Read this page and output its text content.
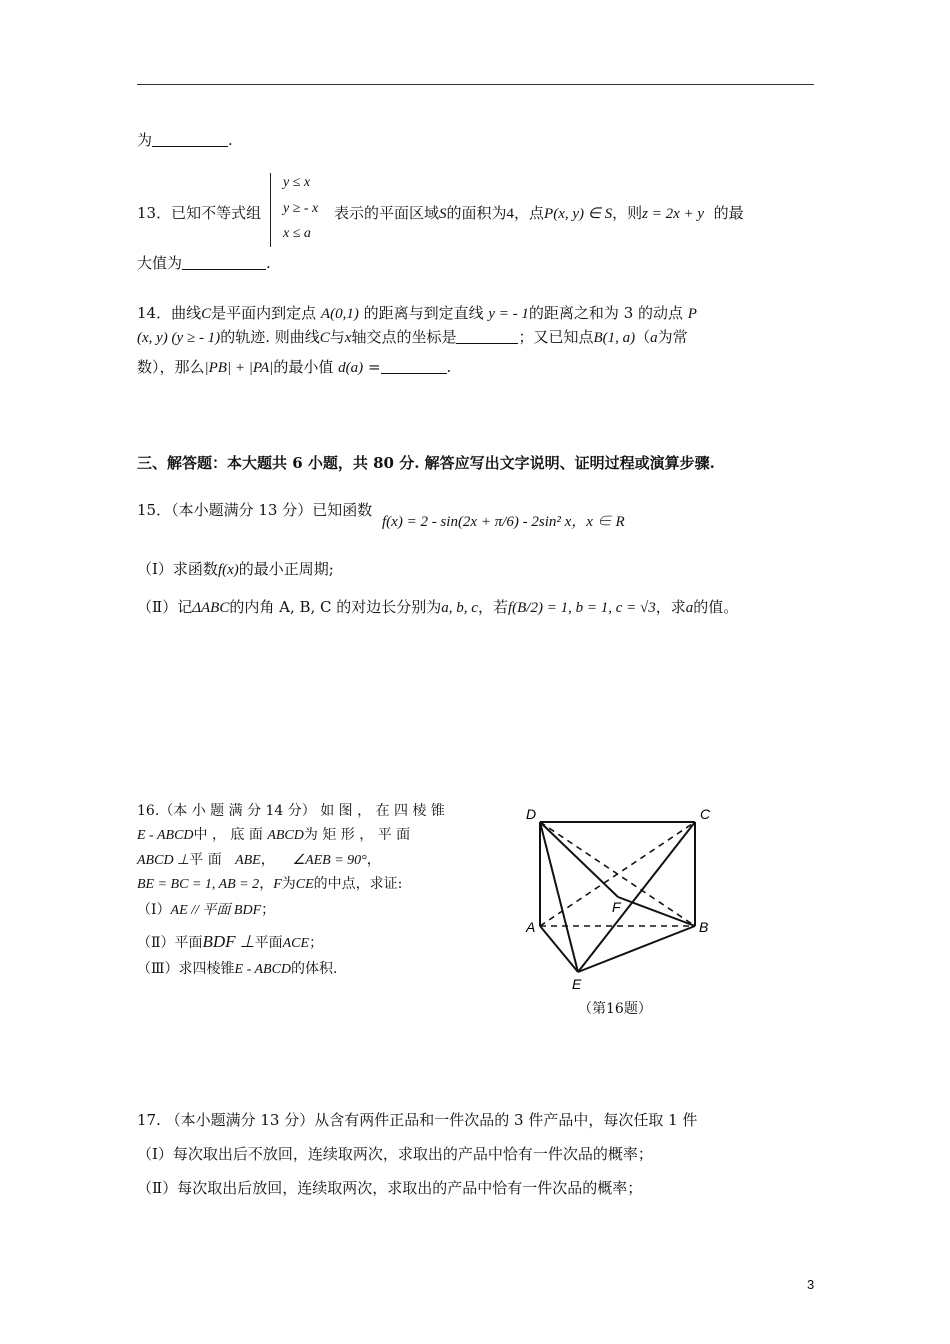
为	.
13．已知不等式组
y ≤ x
y ≥ - x
x ≤ a
表示的平面区域S的面积为4，点P(x, y) ∈ S，则z = 2x + y 的最
大值为	.
14．曲线C是平面内到定点 A(0,1) 的距离与到定直线 y = - 1的距离之和为 3 的动点 P
(x, y) (y ≥ - 1)的轨迹. 则曲线C与x轴交点的坐标是	；又已知点B(1, a)（a为常
数），那么|PB| + |PA|的最小值 d(a) =	.
三、解答题：本大题共 6 小题，共 80 分. 解答应写出文字说明、证明过程或演算步骤.
15．（本小题满分 13 分）已知函数
f(x) = 2 - sin(2x + π/6) - 2sin² x，x ∈ R
（Ⅰ）求函数f(x)的最小正周期;
（Ⅱ）记ΔABC的内角 A, B, C 的对边长分别为a, b, c，若f(B/2) = 1, b = 1, c = √3，求a的值。
16.（本 小 题 满 分 14 分） 如 图 ， 在 四 棱 锥
E - ABCD中 ， 底 面 ABCD为 矩 形 ， 平 面
ABCD ⊥平 面 ABE， ∠AEB = 90°，
BE = BC = 1, AB = 2，F为CE的中点，求证:
（Ⅰ）AE // 平面 BDF；
（Ⅱ）平面BDF ⊥平面ACE；
（Ⅲ）求四棱锥E - ABCD的体积.
D	C
F
A	B
E
（第16题）
17. （本小题满分 13 分）从含有两件正品和一件次品的 3 件产品中，每次任取 1 件
（Ⅰ）每次取出后不放回，连续取两次，求取出的产品中恰有一件次品的概率；
（Ⅱ）每次取出后放回，连续取两次，求取出的产品中恰有一件次品的概率；
3
